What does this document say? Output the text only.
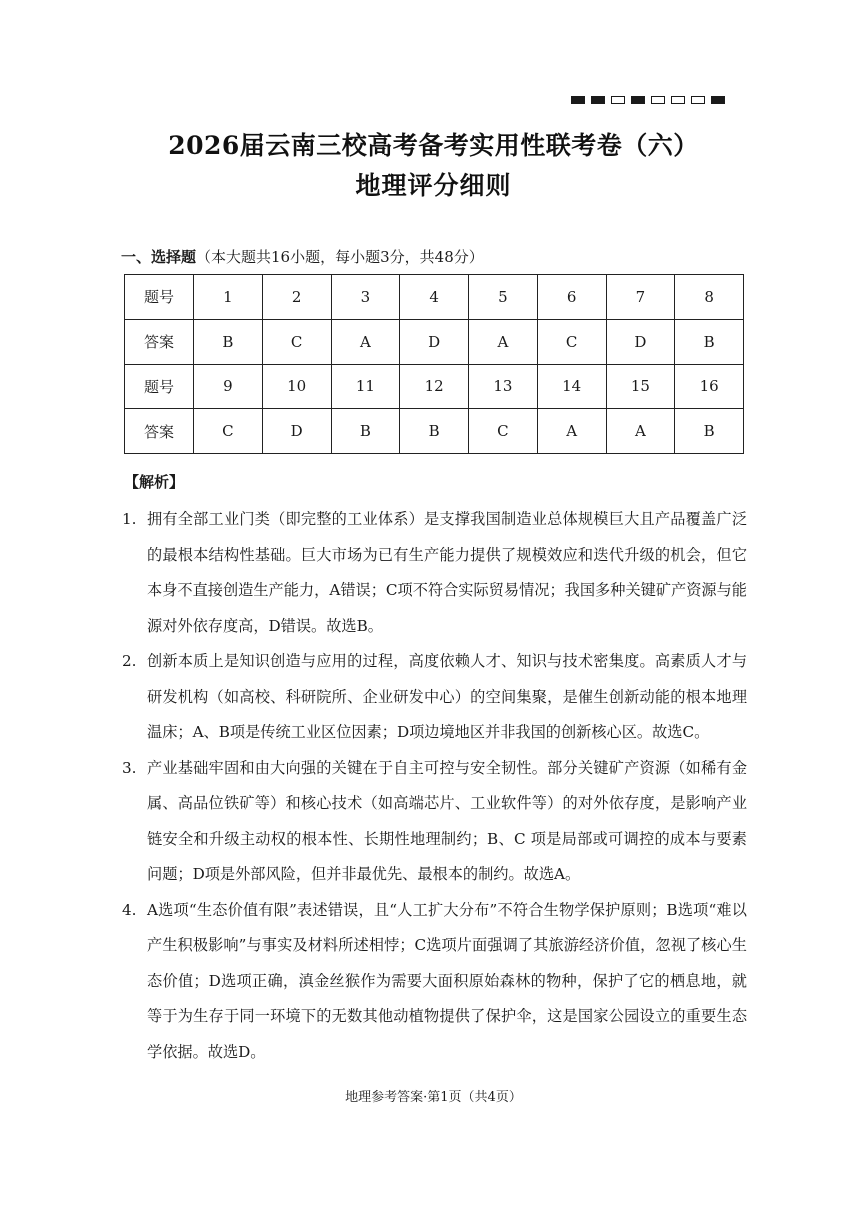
2026届云南三校高考备考实用性联考卷（六）
地理评分细则
一、选择题（本大题共16小题，每小题3分，共48分）
题号	1	2	3	4	5	6	7	8
答案	B	C	A	D	A	C	D	B
题号	9	10	11	12	13	14	15	16
答案	C	D	B	B	C	A	A	B
【解析】
1. 拥有全部工业门类（即完整的工业体系）是支撑我国制造业总体规模巨大且产品覆盖广泛的最根本结构性基础。巨大市场为已有生产能力提供了规模效应和迭代升级的机会，但它本身不直接创造生产能力，A错误；C项不符合实际贸易情况；我国多种关键矿产资源与能源对外依存度高，D错误。故选B。
2. 创新本质上是知识创造与应用的过程，高度依赖人才、知识与技术密集度。高素质人才与研发机构（如高校、科研院所、企业研发中心）的空间集聚，是催生创新动能的根本地理温床；A、B项是传统工业区位因素；D项边境地区并非我国的创新核心区。故选C。
3. 产业基础牢固和由大向强的关键在于自主可控与安全韧性。部分关键矿产资源（如稀有金属、高品位铁矿等）和核心技术（如高端芯片、工业软件等）的对外依存度，是影响产业链安全和升级主动权的根本性、长期性地理制约；B、C 项是局部或可调控的成本与要素问题；D项是外部风险，但并非最优先、最根本的制约。故选A。
4. A选项“生态价值有限”表述错误，且“人工扩大分布”不符合生物学保护原则；B选项“难以产生积极影响”与事实及材料所述相悖；C选项片面强调了其旅游经济价值，忽视了核心生态价值；D选项正确，滇金丝猴作为需要大面积原始森林的物种，保护了它的栖息地，就等于为生存于同一环境下的无数其他动植物提供了保护伞，这是国家公园设立的重要生态学依据。故选D。
地理参考答案·第1页（共4页）
